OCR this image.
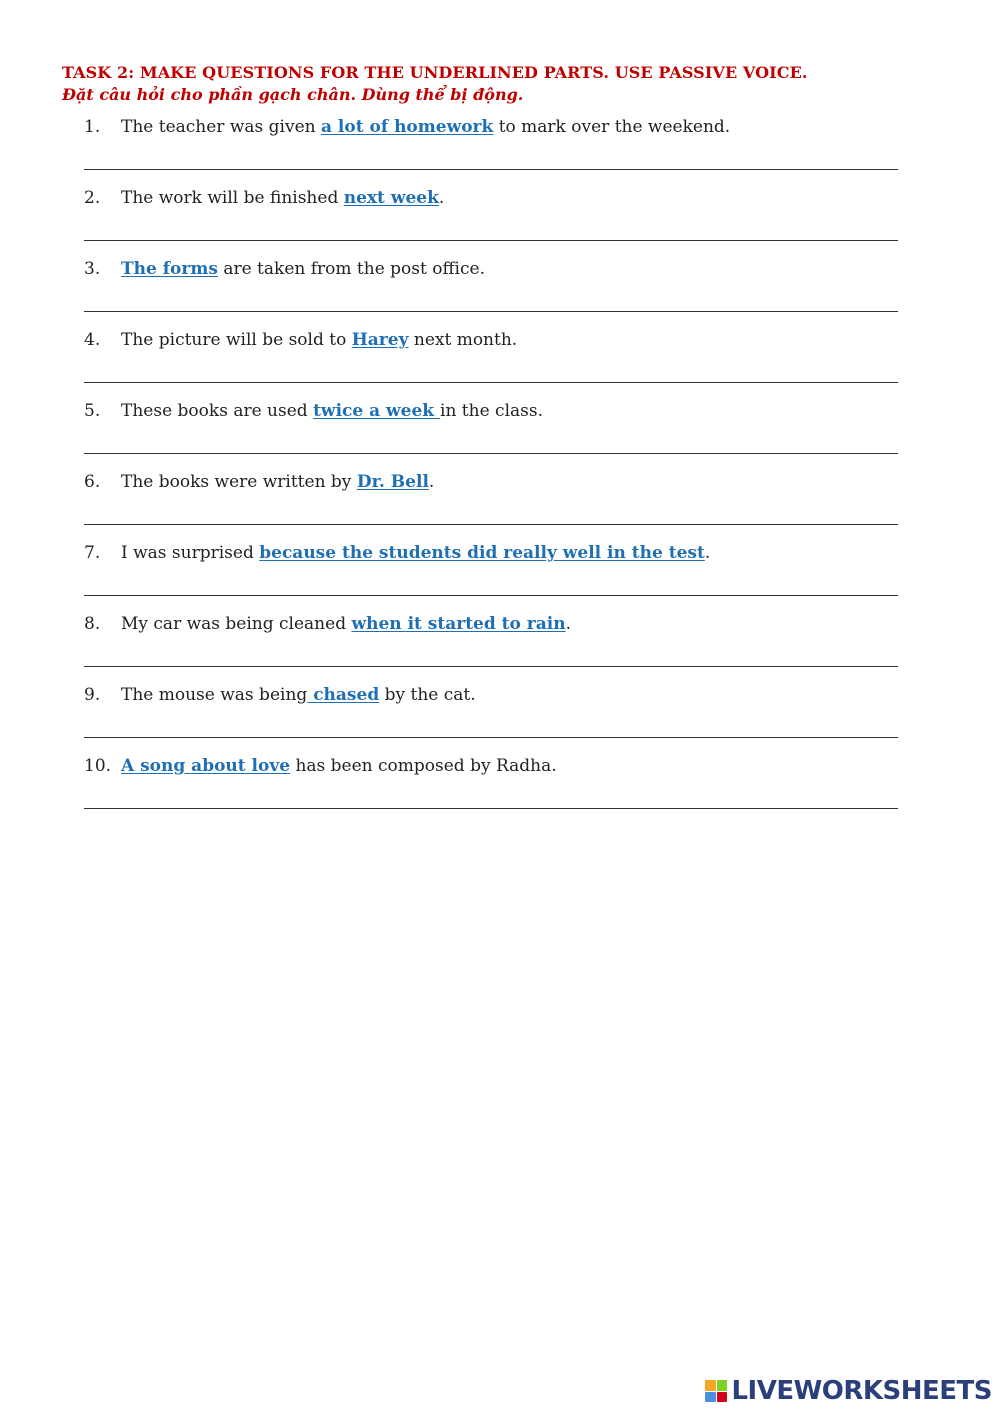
TASK 2: MAKE QUESTIONS FOR THE UNDERLINED PARTS. USE PASSIVE VOICE.
Đặt câu hỏi cho phần gạch chân. Dùng thể bị động.
1. The teacher was given a lot of homework to mark over the weekend.
2. The work will be finished next week.
3. The forms are taken from the post office.
4. The picture will be sold to Harey next month.
5. These books are used twice a week in the class.
6. The books were written by Dr. Bell.
7. I was surprised because the students did really well in the test.
8. My car was being cleaned when it started to rain.
9. The mouse was being chased by the cat.
10. A song about love has been composed by Radha.
LIVEWORKSHEETS
